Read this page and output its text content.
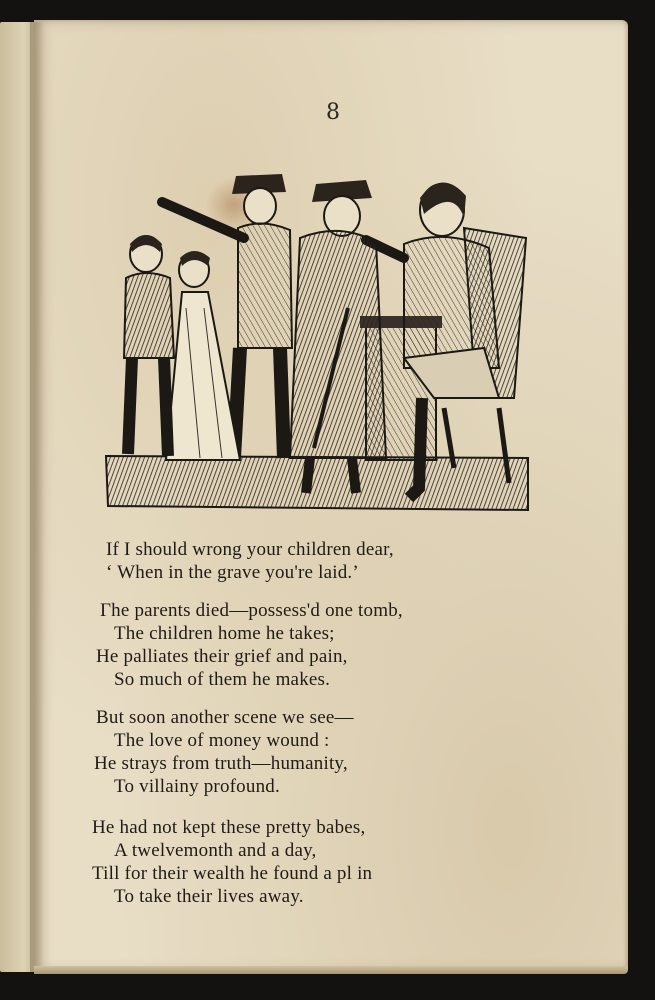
8
If I should wrong your children dear,
‘ When in the grave you're laid.’
Гhe parents died—possess'd one tomb,
The children home he takes;
He palliates their grief and pain,
So much of them he makes.
But soon another scene we see—
The love of money wound :
He strays from truth—humanity,
To villainy profound.
He had not kept these pretty babes,
A twelvemonth and a day,
Till for their wealth he found a pl in
To take their lives away.
